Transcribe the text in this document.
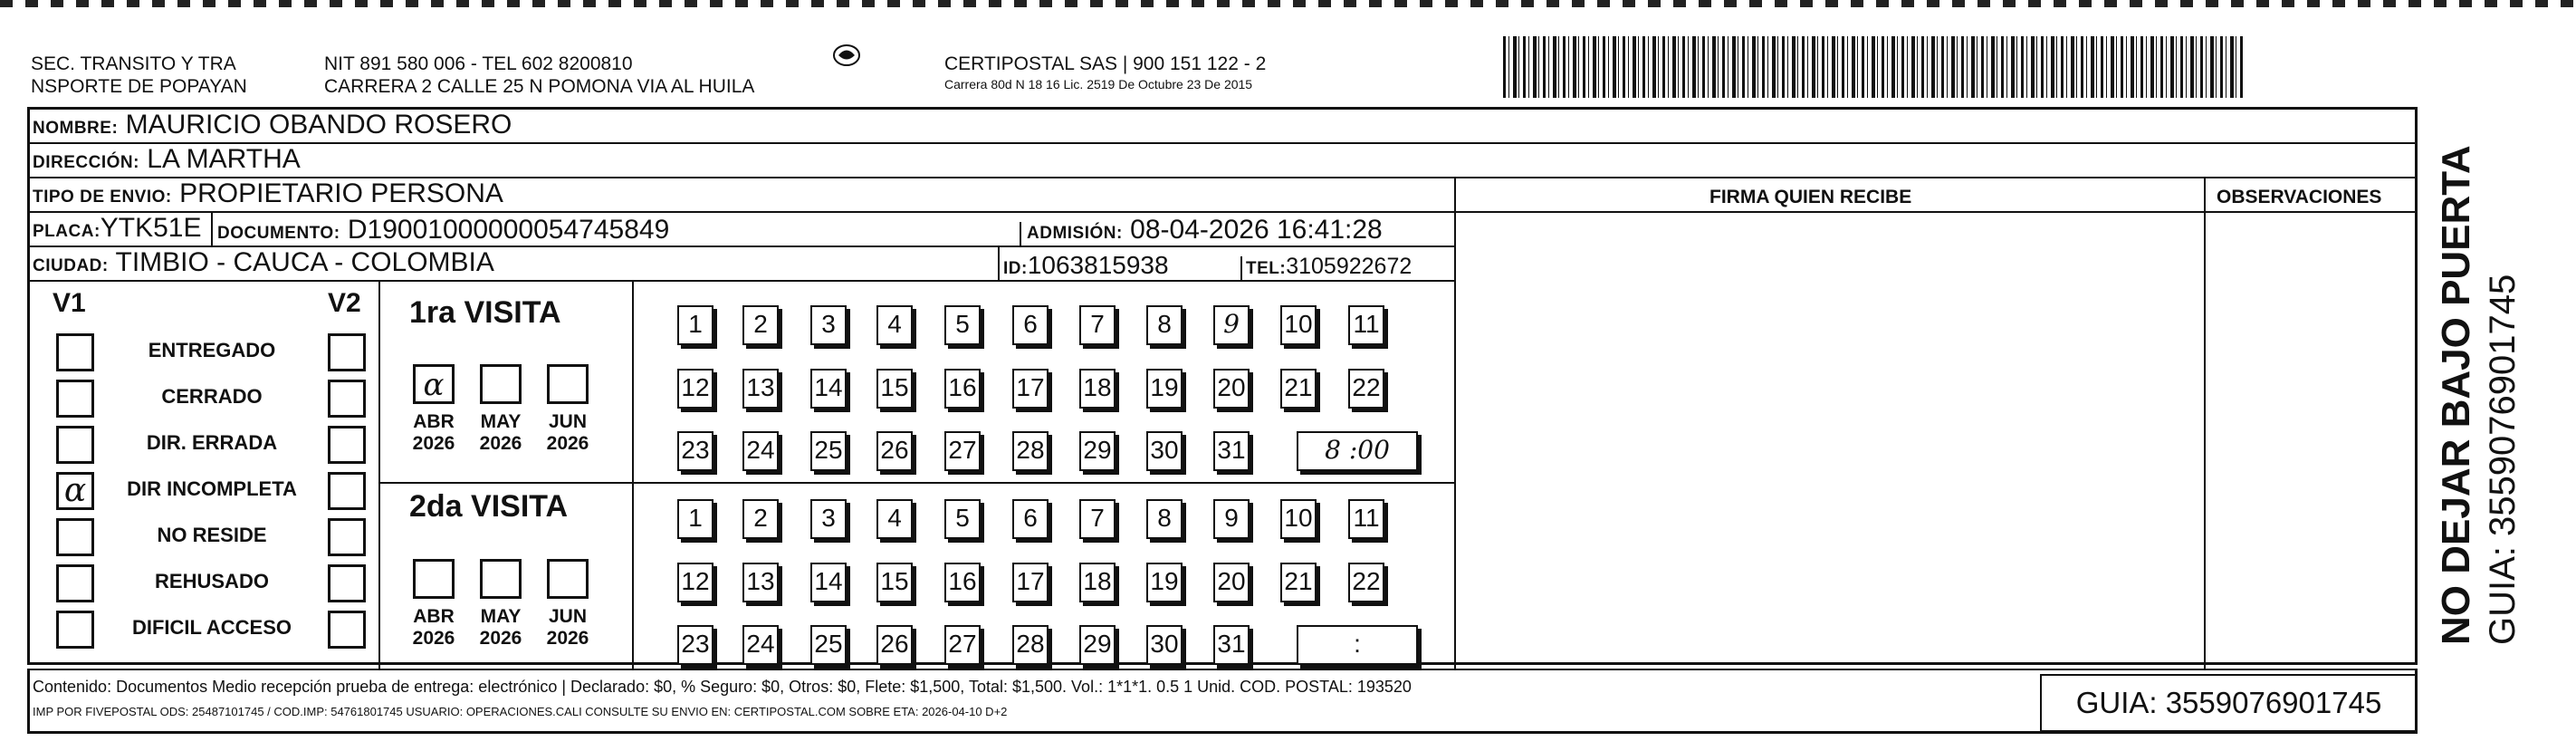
SEC. TRANSITO Y TRA
NSPORTE DE POPAYAN
NIT 891 580 006 - TEL 602 8200810
CARRERA 2 CALLE 25 N POMONA VIA AL HUILA
CERTIPOSTAL SAS | 900 151 122 - 2
Carrera 80d N 18 16 Lic. 2519 De Octubre 23 De 2015
NOMBRE: MAURICIO OBANDO ROSERO
DIRECCIÓN: LA MARTHA
TIPO DE ENVIO: PROPIETARIO PERSONA	FIRMA QUIEN RECIBE	OBSERVACIONES
PLACA:YTK51E DOCUMENTO: D19001000000054745849	ADMISIÓN: 08-04-2026 16:41:28
CIUDAD: TIMBIO - CAUCA - COLOMBIA	ID:1063815938	TEL:3105922672
V1	V2
ENTREGADO
CERRADO
DIR. ERRADA
α DIR INCOMPLETA
NO RESIDE
REHUSADO
DIFICIL ACCESO
1ra VISITA
2da VISITA
α
ABR
2026
MAY
2026
JUN
2026
ABR
2026
MAY
2026
JUN
2026
1	2	3	4	5	6	7	8	9	10 11
12 13 14 15 16 17 18 19 20 21 22
23 24 25 26 27 28 29 30 31	8 :00
1	2	3	4	5	6	7	8	9	10 11
12 13 14 15 16 17 18 19 20 21 22
23 24 25 26 27 28 29 30 31	:
Contenido: Documentos Medio recepción prueba de entrega: electrónico | Declarado: $0, % Seguro: $0, Otros: $0, Flete: $1,500, Total: $1,500. Vol.: 1*1*1. 0.5 1 Unid. COD. POSTAL: 193520
IMP POR FIVEPOSTAL ODS: 25487101745 / COD.IMP: 54761801745 USUARIO: OPERACIONES.CALI CONSULTE SU ENVIO EN: CERTIPOSTAL.COM SOBRE ETA: 2026-04-10 D+2	GUIA: 3559076901745
NO DEJAR BAJO PUERTA GUIA: 3559076901745
